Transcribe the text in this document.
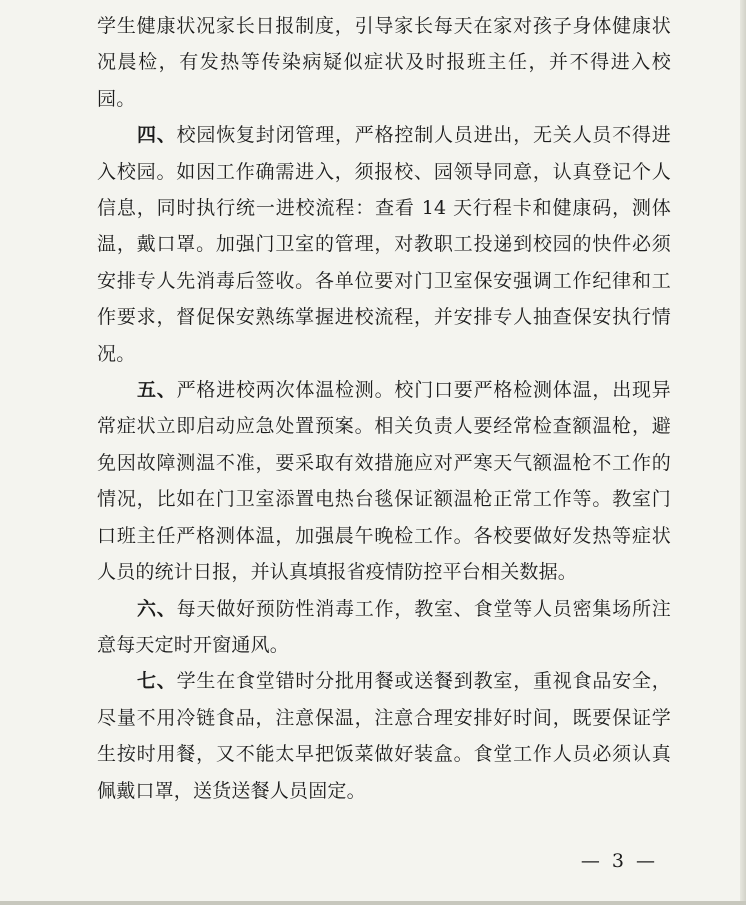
学生健康状况家长日报制度，引导家长每天在家对孩子身体健康状况晨检，有发热等传染病疑似症状及时报班主任，并不得进入校园。

四、校园恢复封闭管理，严格控制人员进出，无关人员不得进入校园。如因工作确需进入，须报校、园领导同意，认真登记个人信息，同时执行统一进校流程：查看 14 天行程卡和健康码，测体温，戴口罩。加强门卫室的管理，对教职工投递到校园的快件必须安排专人先消毒后签收。各单位要对门卫室保安强调工作纪律和工作要求，督促保安熟练掌握进校流程，并安排专人抽查保安执行情况。

五、严格进校两次体温检测。校门口要严格检测体温，出现异常症状立即启动应急处置预案。相关负责人要经常检查额温枪，避免因故障测温不准，要采取有效措施应对严寒天气额温枪不工作的情况，比如在门卫室添置电热台毯保证额温枪正常工作等。教室门口班主任严格测体温，加强晨午晚检工作。各校要做好发热等症状人员的统计日报，并认真填报省疫情防控平台相关数据。

六、每天做好预防性消毒工作，教室、食堂等人员密集场所注意每天定时开窗通风。

七、学生在食堂错时分批用餐或送餐到教室，重视食品安全，尽量不用冷链食品，注意保温，注意合理安排好时间，既要保证学生按时用餐，又不能太早把饭菜做好装盒。食堂工作人员必须认真佩戴口罩，送货送餐人员固定。

— 3 —
